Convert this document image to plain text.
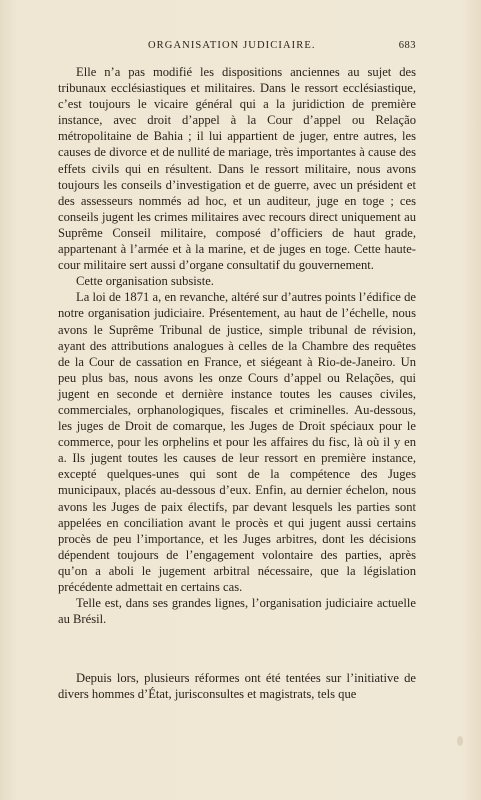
ORGANISATION JUDICIAIRE.	683

Elle n’a pas modifié les dispositions anciennes au sujet des tribunaux ecclésiastiques et militaires. Dans le ressort ecclésiastique, c’est toujours le vicaire général qui a la juridiction de première instance, avec droit d’appel à la Cour d’appel ou Relação métropolitaine de Bahia ; il lui appartient de juger, entre autres, les causes de divorce et de nullité de mariage, très importantes à cause des effets civils qui en résultent. Dans le ressort militaire, nous avons toujours les conseils d’investigation et de guerre, avec un président et des assesseurs nommés ad hoc, et un auditeur, juge en toge ; ces conseils jugent les crimes militaires avec recours direct uniquement au Suprême Conseil militaire, composé d’officiers de haut grade, appartenant à l’armée et à la marine, et de juges en toge. Cette haute-cour militaire sert aussi d’organe consultatif du gouvernement.

Cette organisation subsiste.

La loi de 1871 a, en revanche, altéré sur d’autres points l’édifice de notre organisation judiciaire. Présentement, au haut de l’échelle, nous avons le Suprême Tribunal de justice, simple tribunal de révision, ayant des attributions analogues à celles de la Chambre des requêtes de la Cour de cassation en France, et siégeant à Rio-de-Janeiro. Un peu plus bas, nous avons les onze Cours d’appel ou Relações, qui jugent en seconde et dernière instance toutes les causes civiles, commerciales, orphanologiques, fiscales et criminelles. Au-dessous, les juges de Droit de comarque, les Juges de Droit spéciaux pour le commerce, pour les orphelins et pour les affaires du fisc, là où il y en a. Ils jugent toutes les causes de leur ressort en première instance, excepté quelques-unes qui sont de la compétence des Juges municipaux, placés au-dessous d’eux. Enfin, au dernier échelon, nous avons les Juges de paix électifs, par devant lesquels les parties sont appelées en conciliation avant le procès et qui jugent aussi certains procès de peu l’importance, et les Juges arbitres, dont les décisions dépendent toujours de l’engagement volontaire des parties, après qu’on a aboli le jugement arbitral nécessaire, que la législation précédente admettait en certains cas.

Telle est, dans ses grandes lignes, l’organisation judiciaire actuelle au Brésil.

Depuis lors, plusieurs réformes ont été tentées sur l’initiative de divers hommes d’État, jurisconsultes et magistrats, tels que
